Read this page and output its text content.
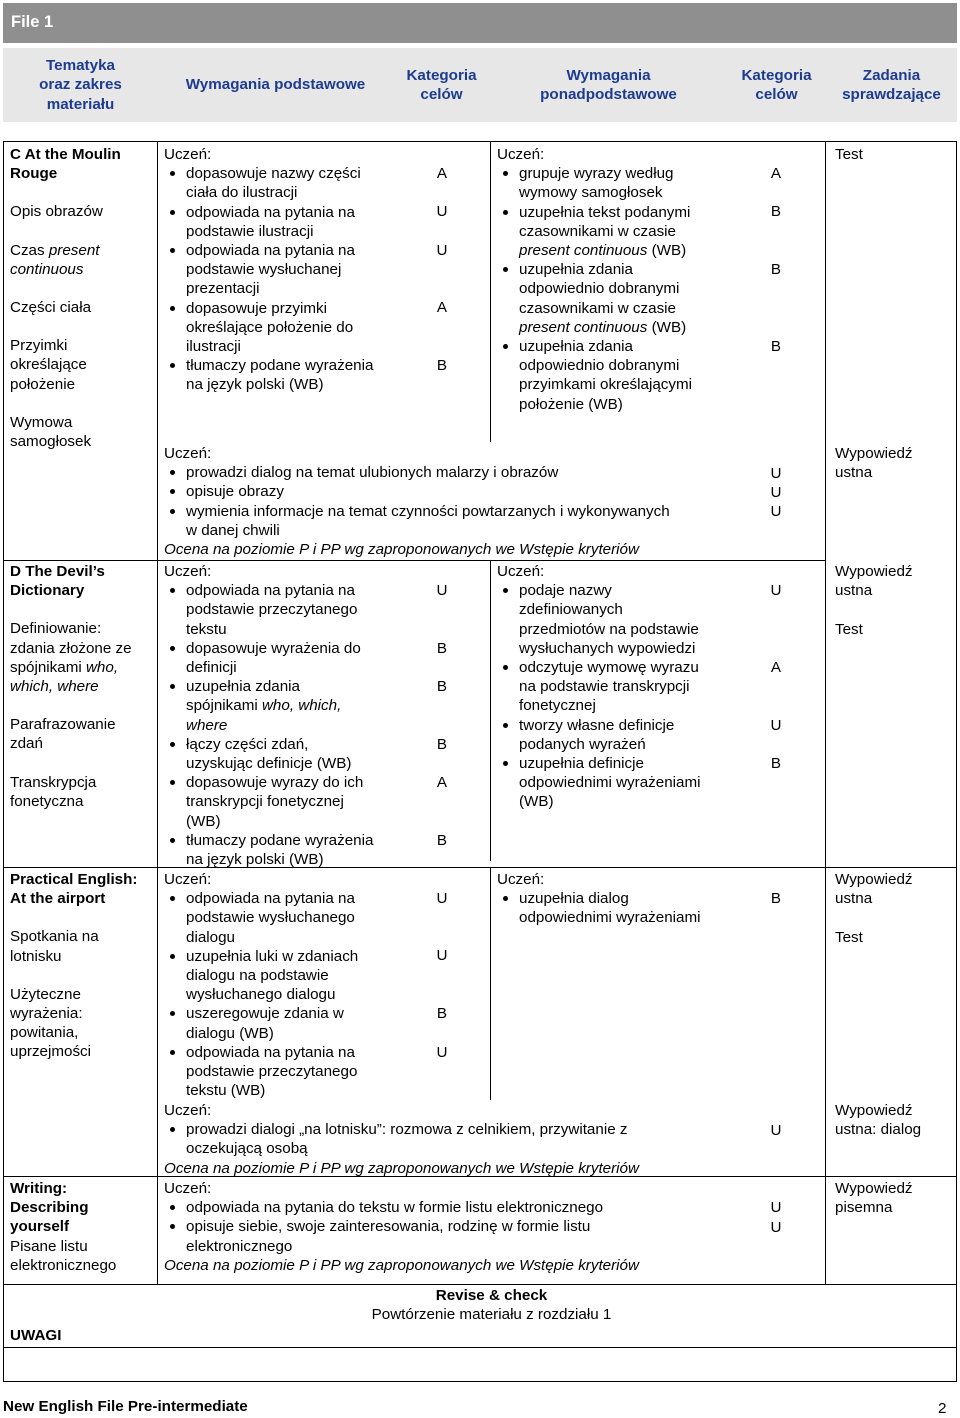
File 1
Tematyka
oraz zakres
materiału
Wymagania podstawowe
Kategoria
celów
Wymagania
ponadpodstawowe
Kategoria
celów
Zadania
sprawdzające
C At the Moulin
Rouge
Opis obrazów
Czas present
continuous
Części ciała
Przyimki
określające
położenie
Wymowa
samogłosek
Uczeń:
dopasowuje nazwy części
ciała do ilustracji
odpowiada na pytania na
podstawie ilustracji
odpowiada na pytania na
podstawie wysłuchanej
prezentacji
dopasowuje przyimki
określające położenie do
ilustracji
tłumaczy podane wyrażenia
na język polski (WB)
A
U
U
A
B
Uczeń:
grupuje wyrazy według
wymowy samogłosek
uzupełnia tekst podanymi
czasownikami w czasie
present continuous (WB)
uzupełnia zdania
odpowiednio dobranymi
czasownikami w czasie
present continuous (WB)
uzupełnia zdania
odpowiednio dobranymi
przyimkami określającymi
położenie (WB)
A
B
B
B
Test
Uczeń:
prowadzi dialog na temat ulubionych malarzy i obrazów
opisuje obrazy
wymienia informacje na temat czynności powtarzanych i wykonywanych
w danej chwili
Ocena na poziomie P i PP wg zaproponowanych we Wstępie kryteriów
U
U
U
Wypowiedź
ustna
D The Devil’s
Dictionary
Definiowanie:
zdania złożone ze
spójnikami who,
which, where
Parafrazowanie
zdań
Transkrypcja
fonetyczna
Uczeń:
odpowiada na pytania na
podstawie przeczytanego
tekstu
dopasowuje wyrażenia do
definicji
uzupełnia zdania
spójnikami who, which,
where
łączy części zdań,
uzyskując definicje (WB)
dopasowuje wyrazy do ich
transkrypcji fonetycznej
(WB)
tłumaczy podane wyrażenia
na język polski (WB)
U
B
B
B
A
B
Uczeń:
podaje nazwy
zdefiniowanych
przedmiotów na podstawie
wysłuchanych wypowiedzi
odczytuje wymowę wyrazu
na podstawie transkrypcji
fonetycznej
tworzy własne definicje
podanych wyrażeń
uzupełnia definicje
odpowiednimi wyrażeniami
(WB)
U
A
U
B
Wypowiedź
ustna
Test
Practical English:
At the airport
Spotkania na
lotnisku
Użyteczne
wyrażenia:
powitania,
uprzejmości
Uczeń:
odpowiada na pytania na
podstawie wysłuchanego
dialogu
uzupełnia luki w zdaniach
dialogu na podstawie
wysłuchanego dialogu
uszeregowuje zdania w
dialogu (WB)
odpowiada na pytania na
podstawie przeczytanego
tekstu (WB)
U
U
B
U
Uczeń:
uzupełnia dialog
odpowiednimi wyrażeniami
B
Wypowiedź
ustna
Test
Uczeń:
prowadzi dialogi „na lotnisku”: rozmowa z celnikiem, przywitanie z
oczekującą osobą
Ocena na poziomie P i PP wg zaproponowanych we Wstępie kryteriów
U
Wypowiedź
ustna: dialog
Writing:
Describing
yourself
Pisane listu
elektronicznego
Uczeń:
odpowiada na pytania do tekstu w formie listu elektronicznego
opisuje siebie, swoje zainteresowania, rodzinę w formie listu
elektronicznego
Ocena na poziomie P i PP wg zaproponowanych we Wstępie kryteriów
U
U
Wypowiedź
pisemna
Revise & check
Powtórzenie materiału z rozdziału 1
UWAGI
New English File Pre-intermediate	2
